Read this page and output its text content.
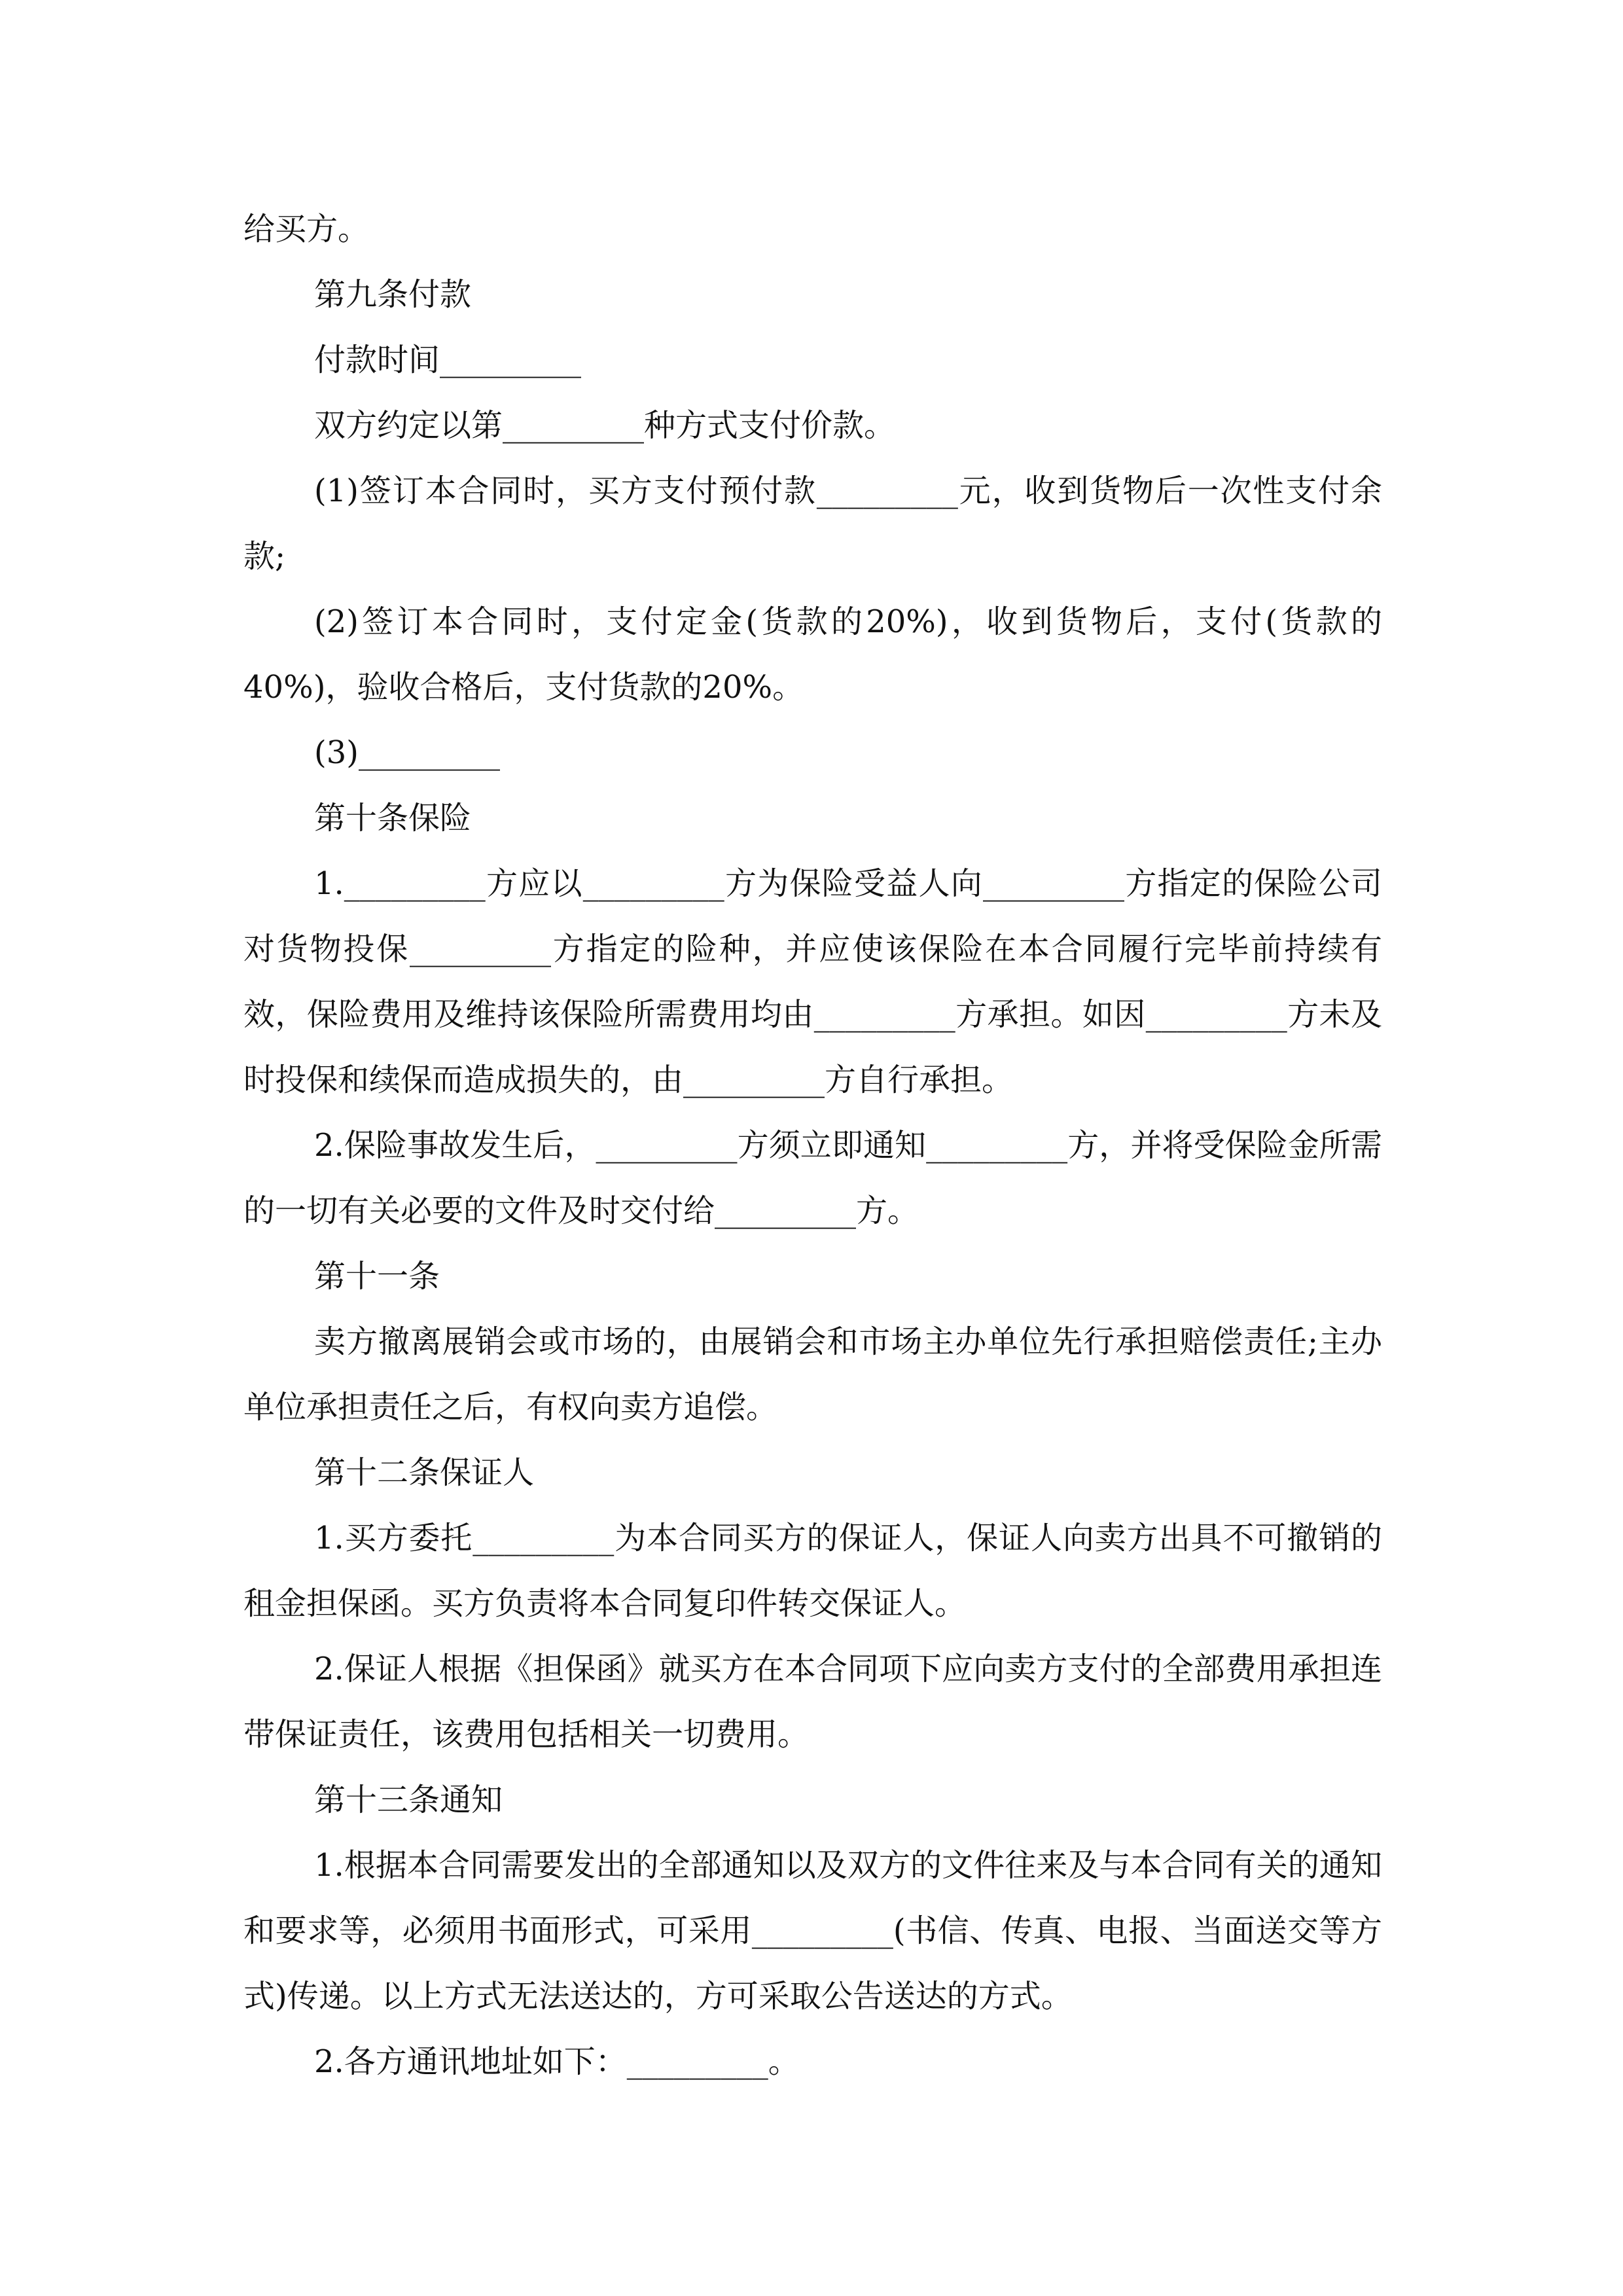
给买方。

第九条付款

付款时间_________

双方约定以第_________种方式支付价款。

(1)签订本合同时，买方支付预付款_________元，收到货物后一次性支付余款;

(2)签订本合同时，支付定金(货款的20%)，收到货物后，支付(货款的40%)，验收合格后，支付货款的20%。

(3)_________

第十条保险

1._________方应以_________方为保险受益人向_________方指定的保险公司对货物投保_________方指定的险种，并应使该保险在本合同履行完毕前持续有效，保险费用及维持该保险所需费用均由_________方承担。如因_________方未及时投保和续保而造成损失的，由_________方自行承担。

2.保险事故发生后，_________方须立即通知_________方，并将受保险金所需的一切有关必要的文件及时交付给_________方。

第十一条

卖方撤离展销会或市场的，由展销会和市场主办单位先行承担赔偿责任;主办单位承担责任之后，有权向卖方追偿。

第十二条保证人

1.买方委托_________为本合同买方的保证人，保证人向卖方出具不可撤销的租金担保函。买方负责将本合同复印件转交保证人。

2.保证人根据《担保函》就买方在本合同项下应向卖方支付的全部费用承担连带保证责任，该费用包括相关一切费用。

第十三条通知

1.根据本合同需要发出的全部通知以及双方的文件往来及与本合同有关的通知和要求等，必须用书面形式，可采用_________(书信、传真、电报、当面送交等方式)传递。以上方式无法送达的，方可采取公告送达的方式。

2.各方通讯地址如下：_________。
